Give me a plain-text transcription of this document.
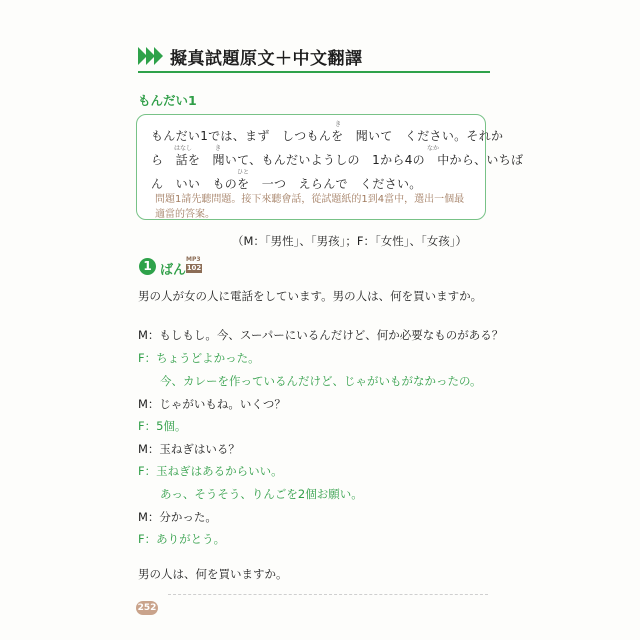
擬真試題原文＋中文翻譯
もんだい1
き
はなし	き	なか
ひと
もんだい1では、まず　しつもんを　聞いて　ください。それか
ら　話を　聞いて、もんだいようしの　1から4の　中から、いちば
ん　いい　ものを　一つ　えらんで　ください。
問題1請先聽問題。接下來聽會話，從試題紙的1到4當中，選出一個最
適當的答案。
（M：「男性」、「男孩」；F：「女性」、「女孩」）
1 ばん
MP3
102
男の人が女の人に電話をしています。男の人は、何を買いますか。
M：もしもし。今、スーパーにいるんだけど、何か必要なものがある？
F：ちょうどよかった。
今、カレーを作っているんだけど、じゃがいもがなかったの。
M：じゃがいもね。いくつ？
F：5個。
M：玉ねぎはいる？
F：玉ねぎはあるからいい。
あっ、そうそう、りんごを2個お願い。
M：分かった。
F：ありがとう。
男の人は、何を買いますか。
252
